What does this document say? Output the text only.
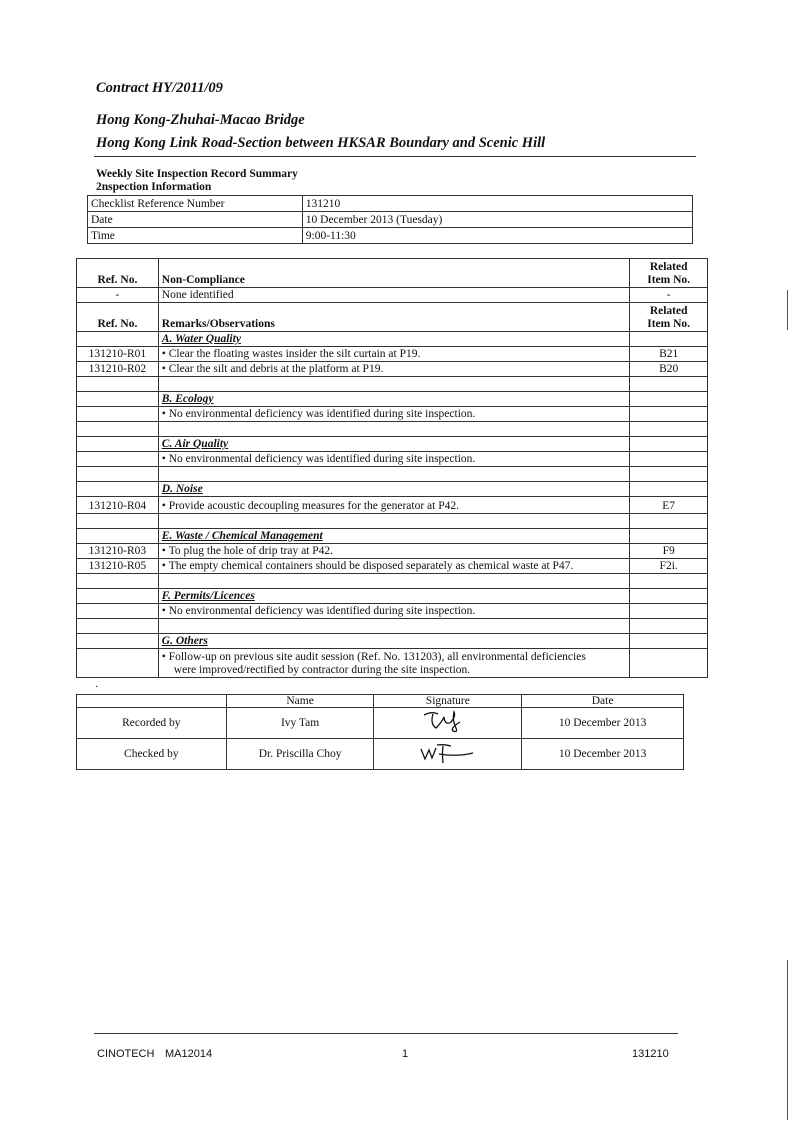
Contract HY/2011/09
Hong Kong-Zhuhai-Macao Bridge
Hong Kong Link Road-Section between HKSAR Boundary and Scenic Hill
Weekly Site Inspection Record Summary
2nspection Information
Checklist Reference Number	131210
Date	10 December 2013 (Tuesday)
Time	9:00-11:30
Ref. No.	Non-Compliance	Related
Item No.
-	None identified	-
Ref. No.	Remarks/Observations	Related
Item No.
	A. Water Quality	
131210-R01	• Clear the floating wastes insider the silt curtain at P19.	B21
131210-R02	• Clear the silt and debris at the platform at P19.	B20

	B. Ecology	
	• No environmental deficiency was identified during site inspection.	

	C. Air Quality	
	• No environmental deficiency was identified during site inspection.	

	D. Noise	
131210-R04	• Provide acoustic decoupling measures for the generator at P42.	E7

	E. Waste / Chemical Management	
131210-R03	• To plug the hole of drip tray at P42.	F9
131210-R05	• The empty chemical containers should be disposed separately as chemical waste at P47.	F2i.

	F. Permits/Licences	
	• No environmental deficiency was identified during site inspection.	

	G. Others	
	• Follow-up on previous site audit session (Ref. No. 131203), all environmental deficiencies
were improved/rectified by contractor during the site inspection.	
·
	Name	Signature	Date
Recorded by	Ivy Tam		10 December 2013
Checked by	Dr. Priscilla Choy		10 December 2013
CINOTECH MA12014	1	131210
